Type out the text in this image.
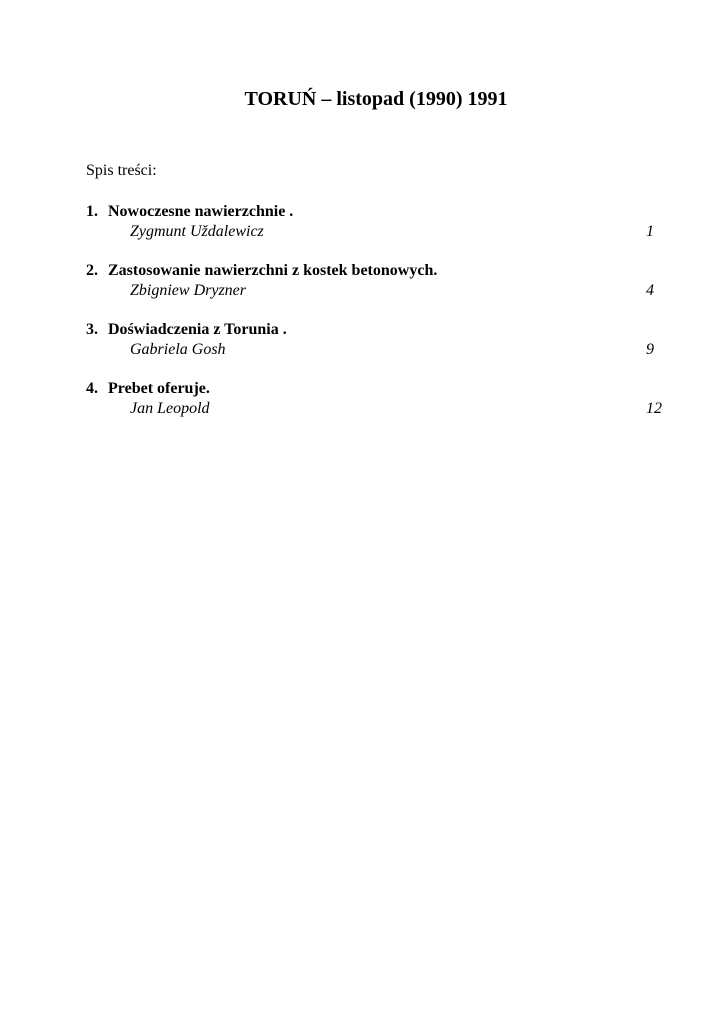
TORUŃ – listopad (1990) 1991
Spis treści:
1. Nowoczesne nawierzchnie .
Zygmunt Uždalewicz	1
2. Zastosowanie nawierzchni z kostek betonowych.
Zbigniew Dryzner	4
3. Doświadczenia z Torunia .
Gabriela Gosh	9
4. Prebet oferuje.
Jan Leopold	12
